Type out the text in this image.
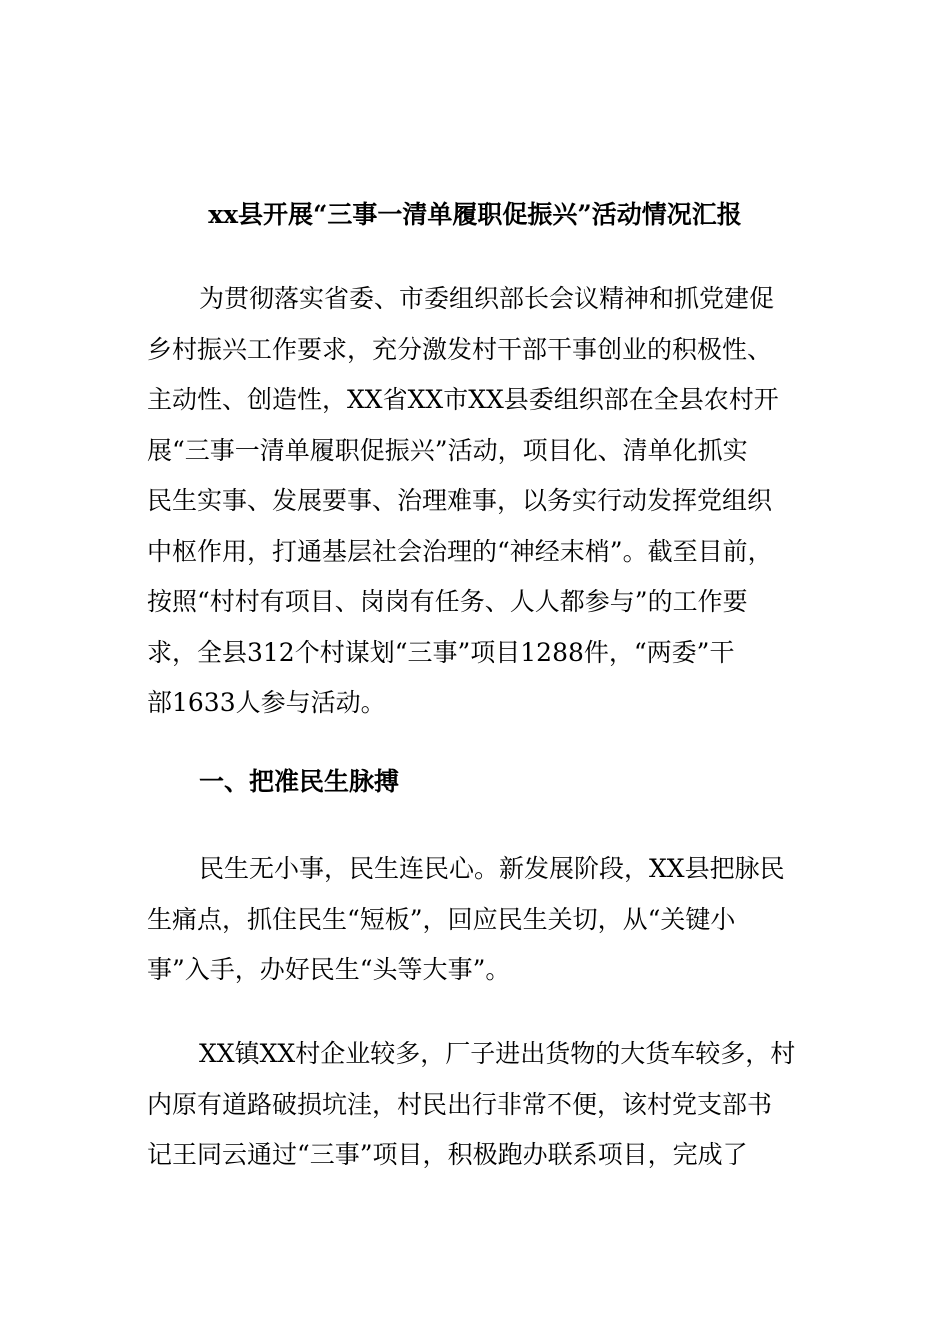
xx县开展“三事一清单履职促振兴”活动情况汇报
为贯彻落实省委、市委组织部长会议精神和抓党建促
乡村振兴工作要求，充分激发村干部干事创业的积极性、
主动性、创造性，XX省XX市XX县委组织部在全县农村开
展“三事一清单履职促振兴”活动，项目化、清单化抓实
民生实事、发展要事、治理难事，以务实行动发挥党组织
中枢作用，打通基层社会治理的“神经末梢”。截至目前，
按照“村村有项目、岗岗有任务、人人都参与”的工作要
求，全县312个村谋划“三事”项目1288件，“两委”干
部1633人参与活动。
一、把准民生脉搏
民生无小事，民生连民心。新发展阶段，XX县把脉民
生痛点，抓住民生“短板”，回应民生关切，从“关键小
事”入手，办好民生“头等大事”。
XX镇XX村企业较多，厂子进出货物的大货车较多，村
内原有道路破损坑洼，村民出行非常不便，该村党支部书
记王同云通过“三事”项目，积极跑办联系项目，完成了
